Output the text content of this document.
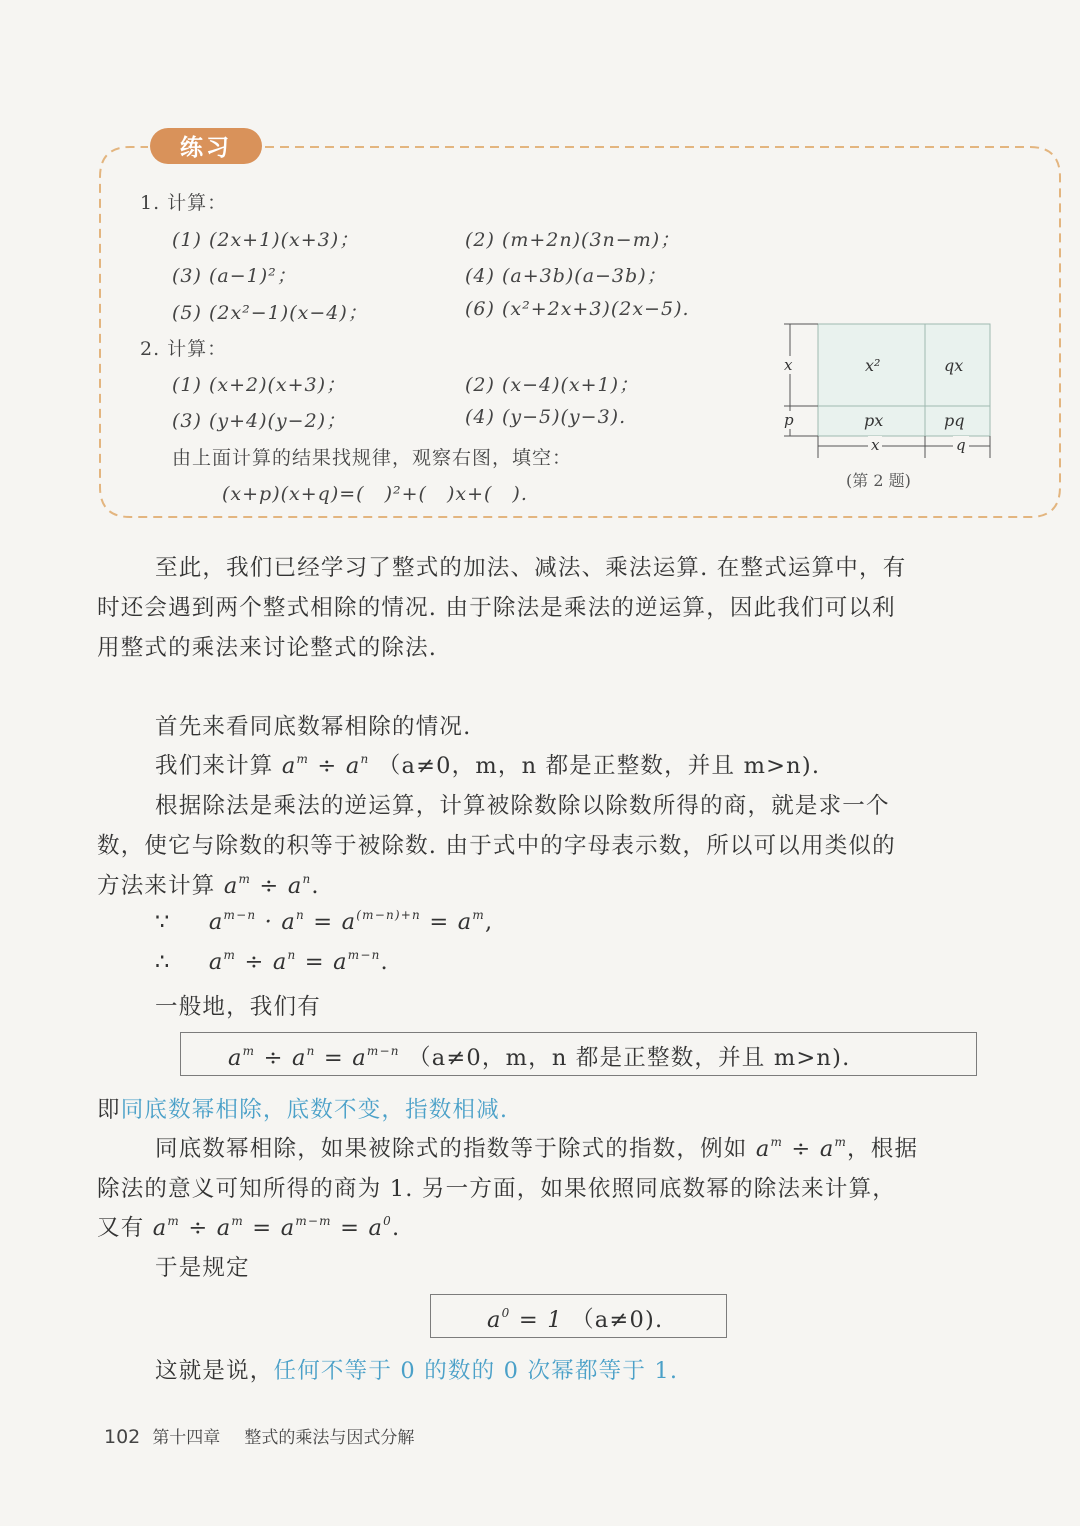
练习
1. 计算：
(1) (2x+1)(x+3)；	(2) (m+2n)(3n−m)；
(3) (a−1)²；	(4) (a+3b)(a−3b)；
(5) (2x²−1)(x−4)；	(6) (x²+2x+3)(2x−5).
2. 计算：
(1) (x+2)(x+3)；	(2) (x−4)(x+1)；
(3) (y+4)(y−2)；	(4) (y−5)(y−3).
由上面计算的结果找规律，观察右图，填空：
(x+p)(x+q)=(　)²+(　)x+(　).
x²	qx
px	pq
x
p
x	q
(第 2 题)
至此，我们已经学习了整式的加法、减法、乘法运算. 在整式运算中，有
时还会遇到两个整式相除的情况. 由于除法是乘法的逆运算，因此我们可以利
用整式的乘法来讨论整式的除法.
首先来看同底数幂相除的情况.
我们来计算 $a^m \div a^n$ （a≠0，m，n 都是正整数，并且 m>n).
根据除法是乘法的逆运算，计算被除数除以除数所得的商，就是求一个
数，使它与除数的积等于被除数. 由于式中的字母表示数，所以可以用类似的
方法来计算 $a^m \div a^n$.
∵ $a^{m-n} \cdot a^n = a^{(m-n)+n} = a^m$,
∴ $a^m \div a^n = a^{m-n}$.
一般地，我们有
$a^m \div a^n = a^{m-n}$ （a≠0，m，n 都是正整数，并且 m>n).
即同底数幂相除，底数不变，指数相减.
同底数幂相除，如果被除式的指数等于除式的指数，例如 $a^m \div a^m$，根据
除法的意义可知所得的商为 1. 另一方面，如果依照同底数幂的除法来计算，
又有 $a^m \div a^m = a^{m-m} = a^0$.
于是规定
$a^0 = 1$ （a≠0).
这就是说，任何不等于 0 的数的 0 次幂都等于 1.
102 第十四章 整式的乘法与因式分解
